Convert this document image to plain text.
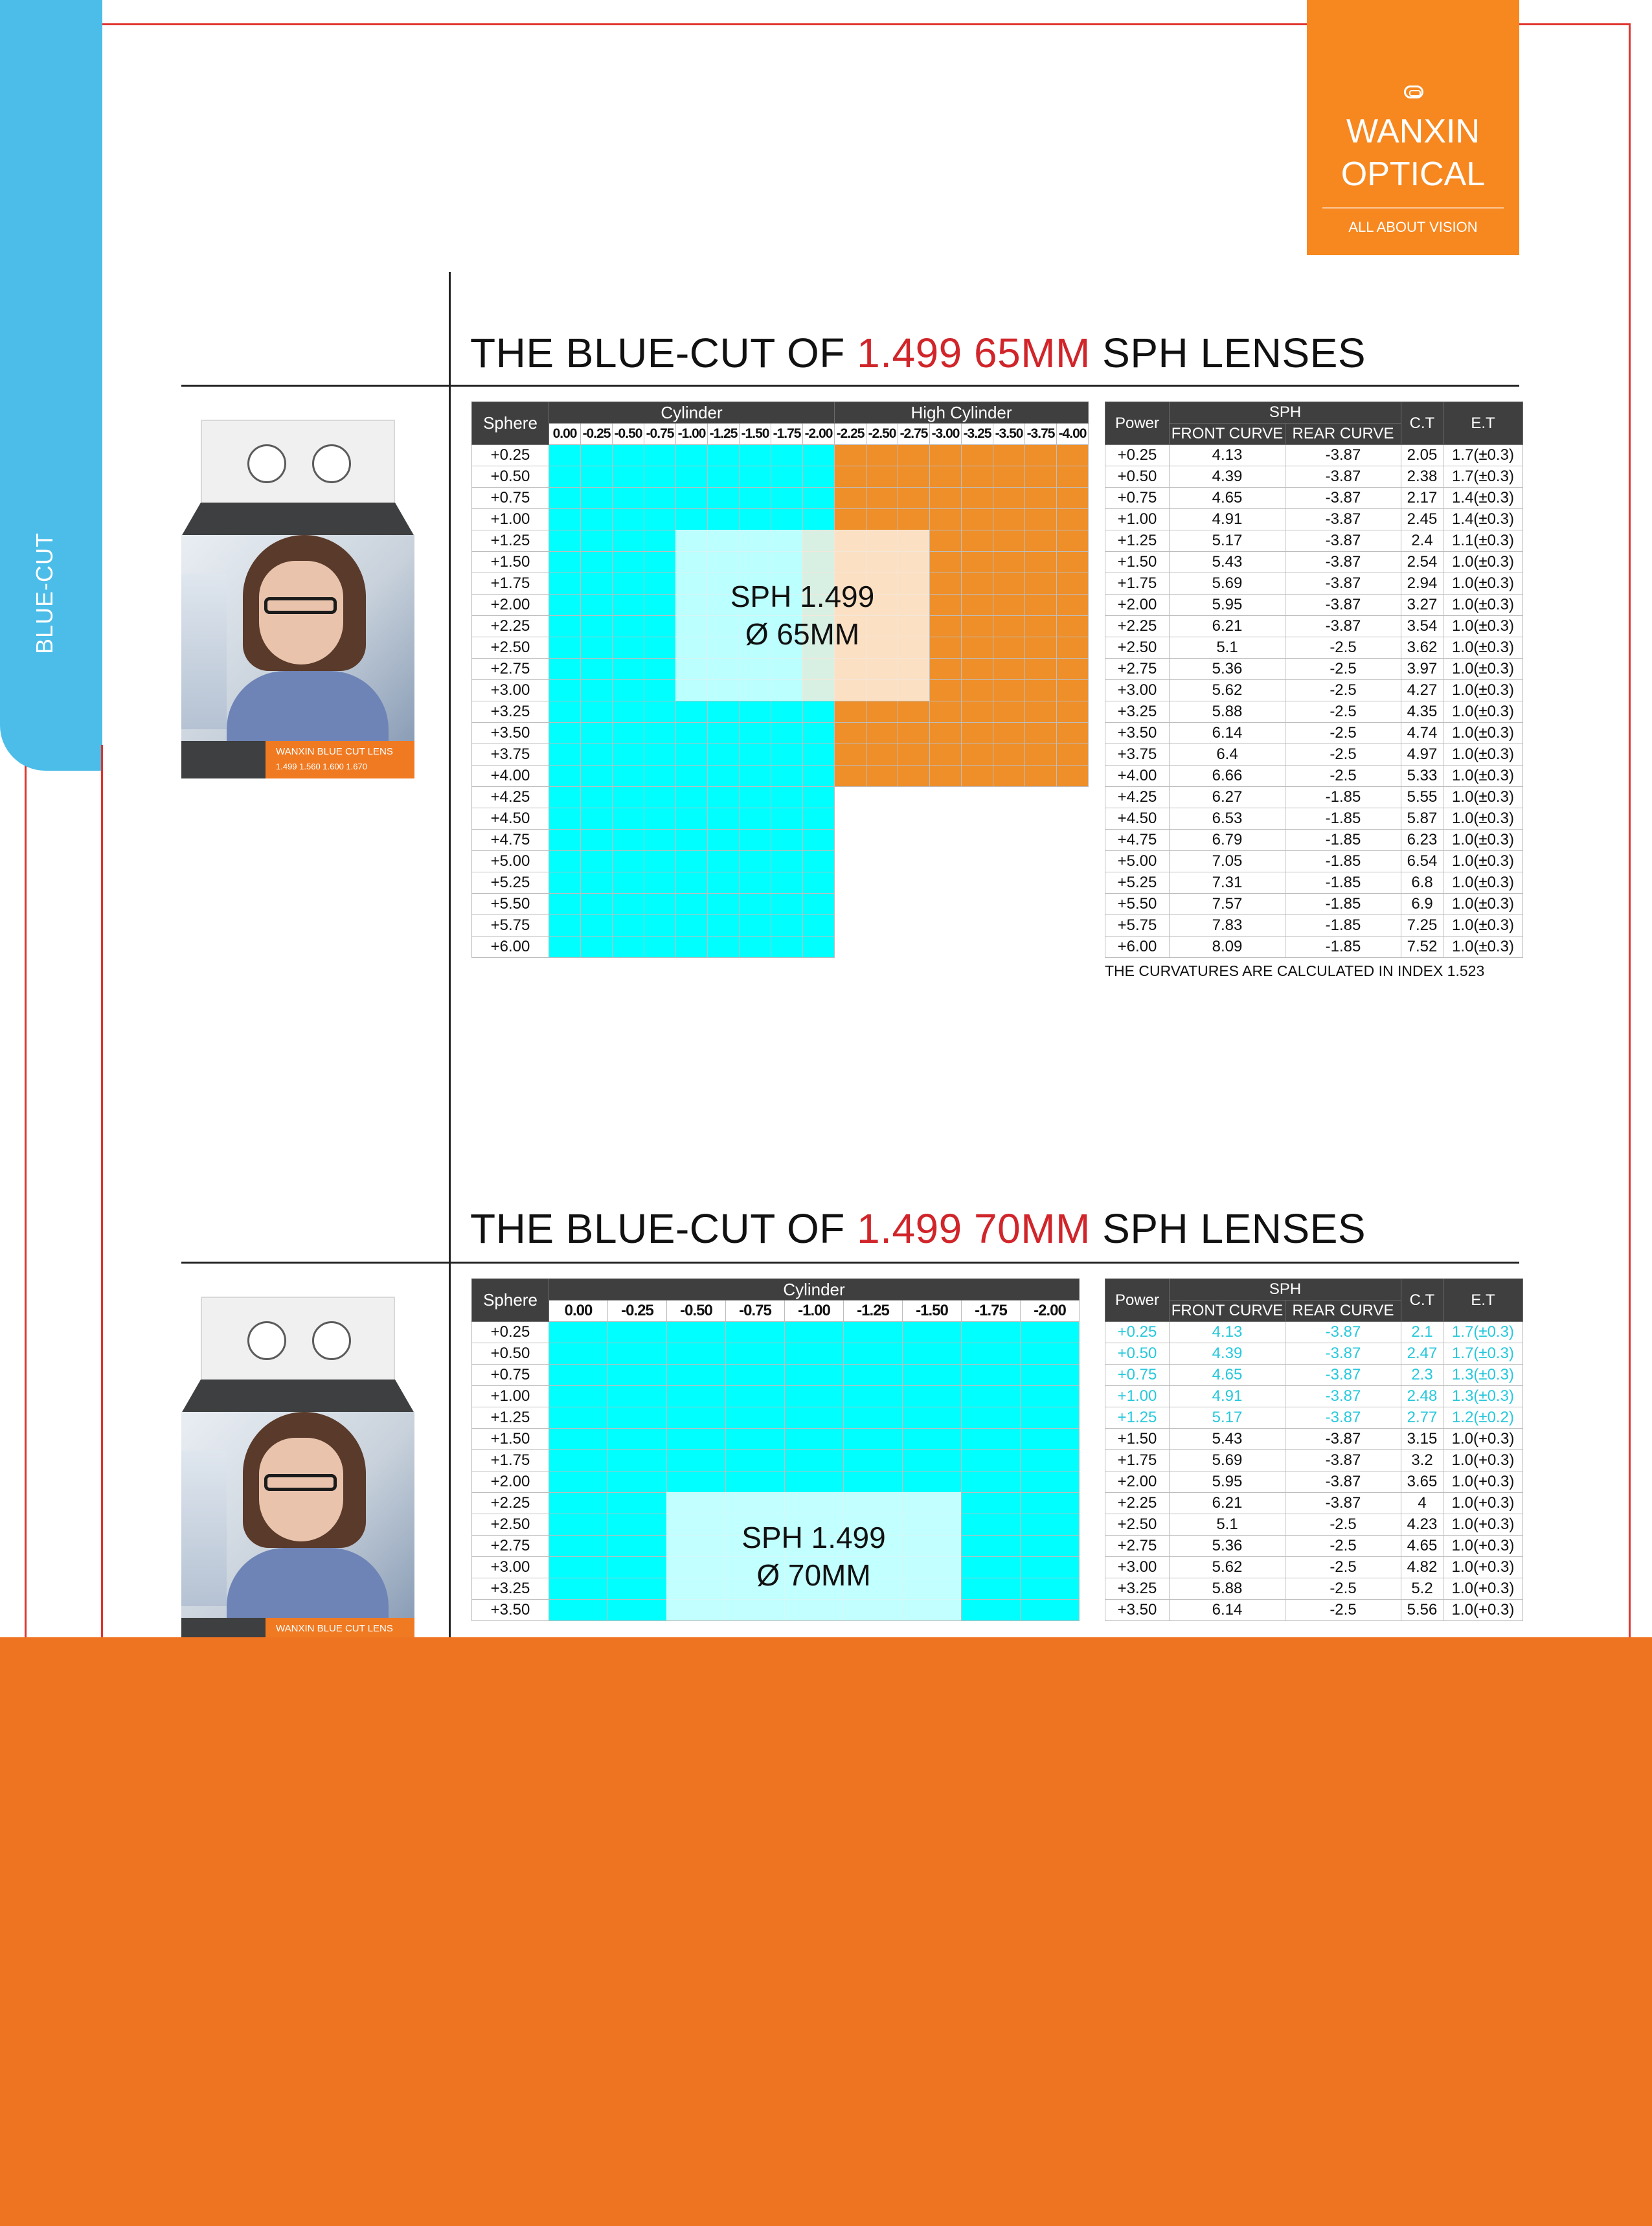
BLUE-CUT
WANXIN
OPTICAL
ALL ABOUT VISION
THE BLUE-CUT OF 1.499 65MM SPH LENSES
WANXIN BLUE CUT LENS
1.499 1.560 1.600 1.670
Sphere	Cylinder									High Cylinder							
	0.00	-0.25	-0.50	-0.75	-1.00	-1.25	-1.50	-1.75	-2.00	-2.25	-2.50	-2.75	-3.00	-3.25	-3.50	-3.75	-4.00
+0.25																	
+0.50																	
+0.75																	
+1.00																	
+1.25																	
+1.50																	
+1.75																	
+2.00																	
+2.25																	
+2.50																	
+2.75																	
+3.00																	
+3.25																	
+3.50																	
+3.75																	
+4.00																	
+4.25																	
+4.50																	
+4.75																	
+5.00																	
+5.25																	
+5.50																	
+5.75																	
+6.00																	
SPH 1.499
Ø 65MM
Power	SPH		C.T	E.T
	FRONT CURVE	REAR CURVE		
+0.25	4.13	-3.87	2.05	1.7(±0.3)
+0.50	4.39	-3.87	2.38	1.7(±0.3)
+0.75	4.65	-3.87	2.17	1.4(±0.3)
+1.00	4.91	-3.87	2.45	1.4(±0.3)
+1.25	5.17	-3.87	2.4	1.1(±0.3)
+1.50	5.43	-3.87	2.54	1.0(±0.3)
+1.75	5.69	-3.87	2.94	1.0(±0.3)
+2.00	5.95	-3.87	3.27	1.0(±0.3)
+2.25	6.21	-3.87	3.54	1.0(±0.3)
+2.50	5.1	-2.5	3.62	1.0(±0.3)
+2.75	5.36	-2.5	3.97	1.0(±0.3)
+3.00	5.62	-2.5	4.27	1.0(±0.3)
+3.25	5.88	-2.5	4.35	1.0(±0.3)
+3.50	6.14	-2.5	4.74	1.0(±0.3)
+3.75	6.4	-2.5	4.97	1.0(±0.3)
+4.00	6.66	-2.5	5.33	1.0(±0.3)
+4.25	6.27	-1.85	5.55	1.0(±0.3)
+4.50	6.53	-1.85	5.87	1.0(±0.3)
+4.75	6.79	-1.85	6.23	1.0(±0.3)
+5.00	7.05	-1.85	6.54	1.0(±0.3)
+5.25	7.31	-1.85	6.8	1.0(±0.3)
+5.50	7.57	-1.85	6.9	1.0(±0.3)
+5.75	7.83	-1.85	7.25	1.0(±0.3)
+6.00	8.09	-1.85	7.52	1.0(±0.3)
THE CURVATURES ARE CALCULATED IN INDEX 1.523
THE BLUE-CUT OF 1.499 70MM SPH LENSES
WANXIN BLUE CUT LENS
Sphere	Cylinder								
	0.00	-0.25	-0.50	-0.75	-1.00	-1.25	-1.50	-1.75	-2.00
+0.25									
+0.50									
+0.75									
+1.00									
+1.25									
+1.50									
+1.75									
+2.00									
+2.25									
+2.50									
+2.75									
+3.00									
+3.25									
+3.50									
SPH 1.499
Ø 70MM
Power	SPH		C.T	E.T
	FRONT CURVE	REAR CURVE		
+0.25	4.13	-3.87	2.1	1.7(±0.3)
+0.50	4.39	-3.87	2.47	1.7(±0.3)
+0.75	4.65	-3.87	2.3	1.3(±0.3)
+1.00	4.91	-3.87	2.48	1.3(±0.3)
+1.25	5.17	-3.87	2.77	1.2(±0.2)
+1.50	5.43	-3.87	3.15	1.0(+0.3)
+1.75	5.69	-3.87	3.2	1.0(+0.3)
+2.00	5.95	-3.87	3.65	1.0(+0.3)
+2.25	6.21	-3.87	4	1.0(+0.3)
+2.50	5.1	-2.5	4.23	1.0(+0.3)
+2.75	5.36	-2.5	4.65	1.0(+0.3)
+3.00	5.62	-2.5	4.82	1.0(+0.3)
+3.25	5.88	-2.5	5.2	1.0(+0.3)
+3.50	6.14	-2.5	5.56	1.0(+0.3)
